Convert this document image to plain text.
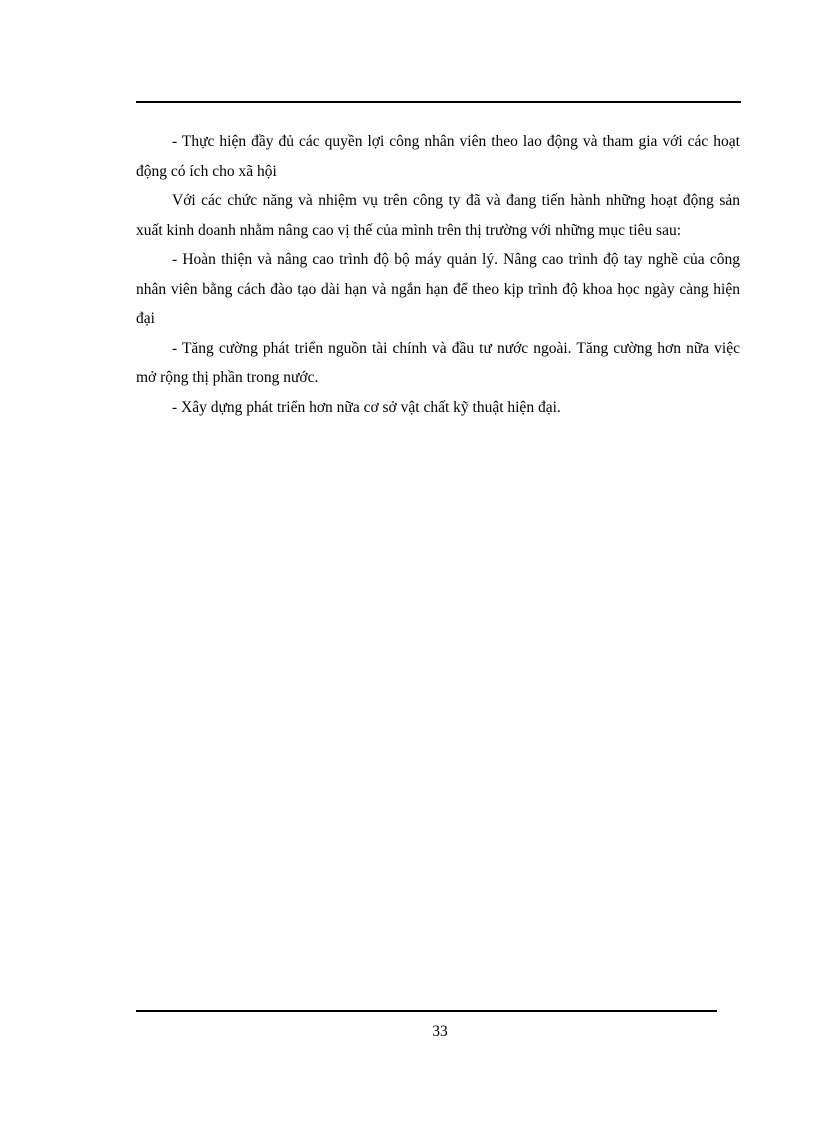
- Thực hiện đầy đủ các quyền lợi công nhân viên theo lao động và tham gia với các hoạt động có ích cho xã hội

Với các chức năng và nhiệm vụ trên công ty đã và đang tiến hành những hoạt động sản xuất kinh doanh nhằm nâng cao vị thế của mình trên thị trường với những mục tiêu sau:

- Hoàn thiện và nâng cao trình độ bộ máy quản lý. Nâng cao trình độ tay nghề của công nhân viên bằng cách đào tạo dài hạn và ngắn hạn để theo kịp trình độ khoa học ngày càng hiện đại

- Tăng cường phát triển nguồn tài chính và đầu tư nước ngoài. Tăng cường hơn nữa việc mở rộng thị phần trong nước.

- Xây dựng phát triển hơn nữa cơ sở vật chất kỹ thuật hiện đại.

33
